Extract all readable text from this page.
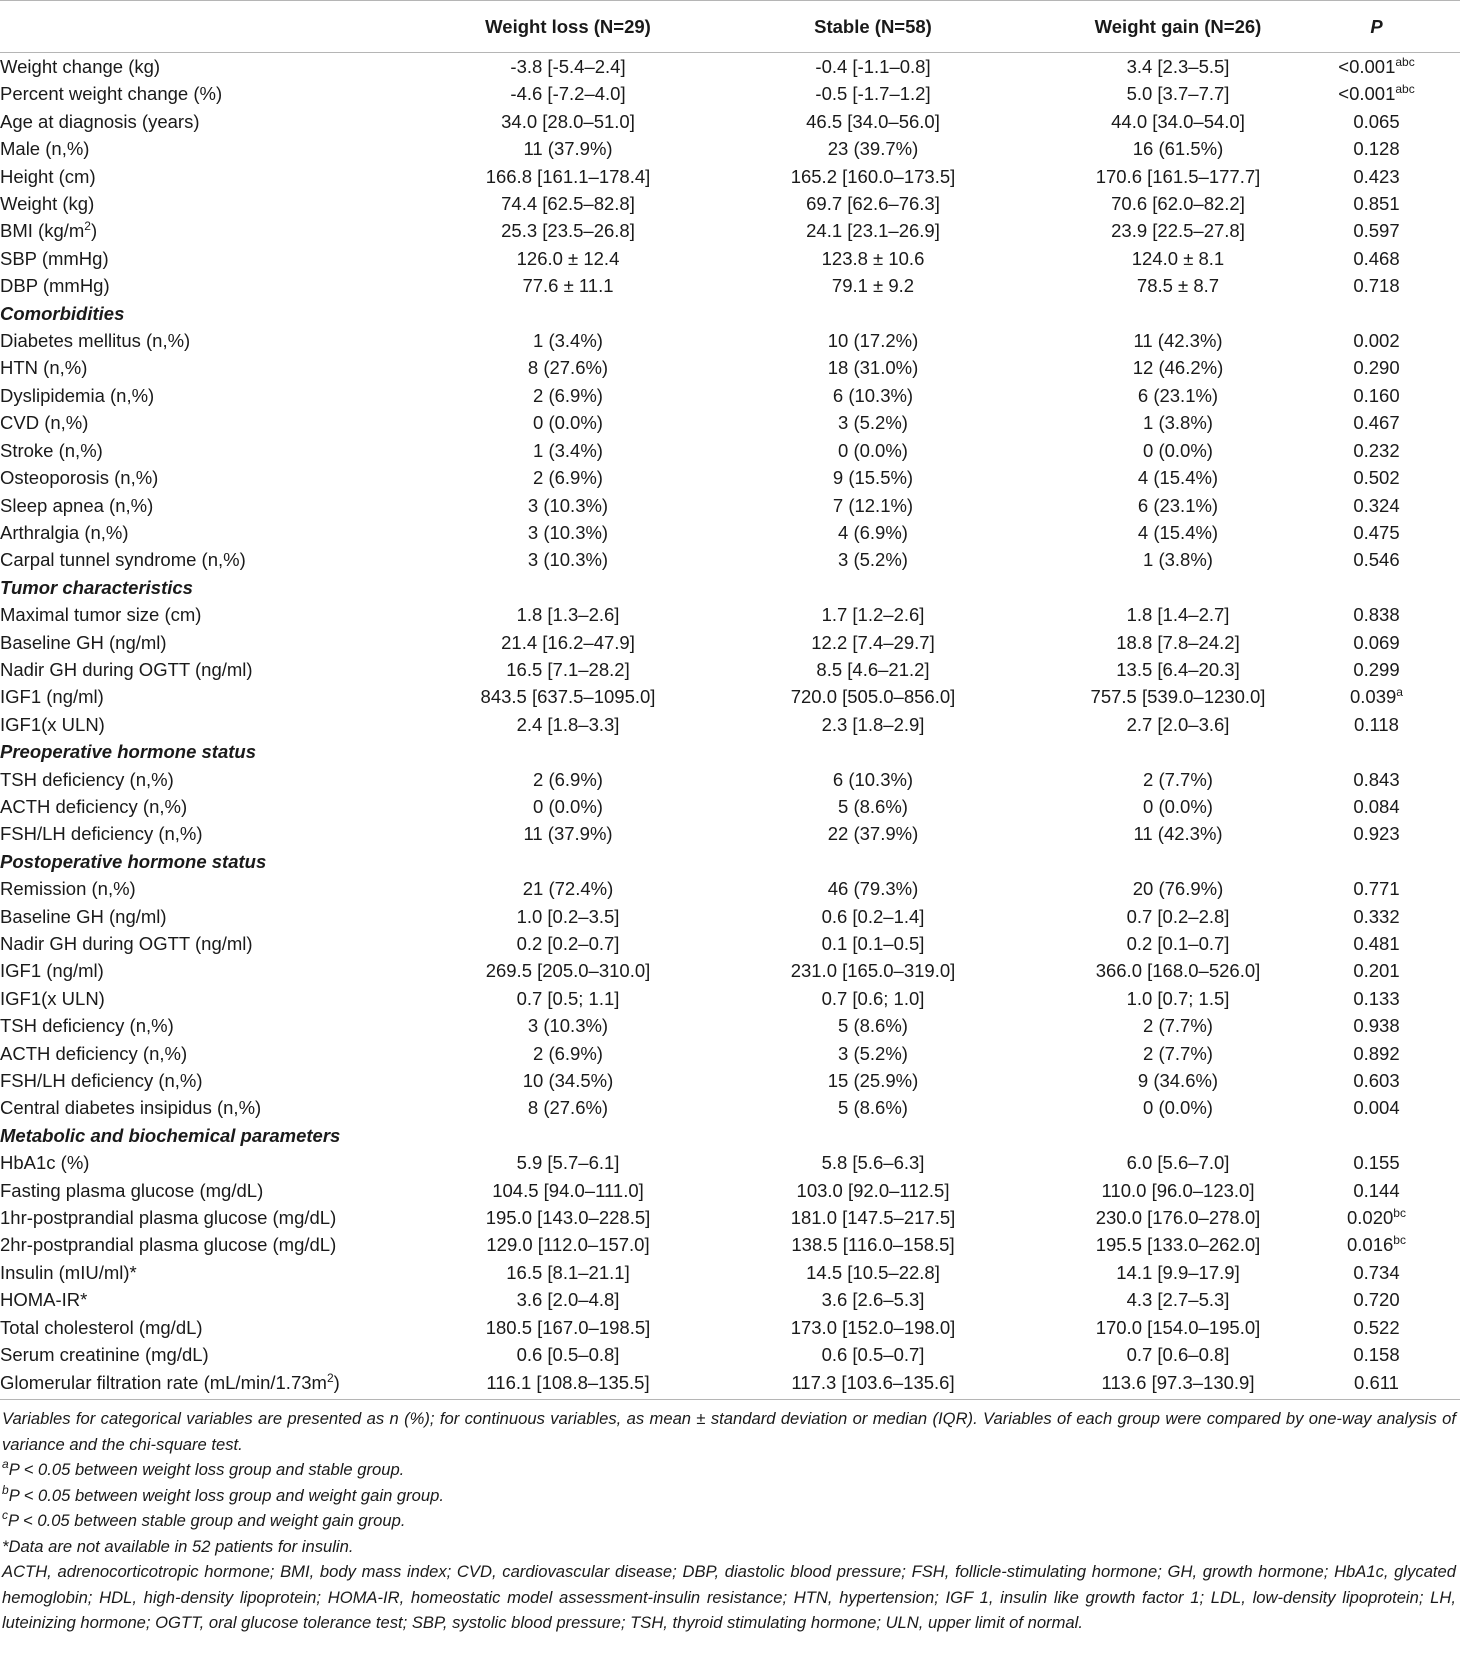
	Weight loss (N=29)	Stable (N=58)	Weight gain (N=26)	P
Weight change (kg)	-3.8 [-5.4–2.4]	-0.4 [-1.1–0.8]	3.4 [2.3–5.5]	<0.001$^{abc}$
Percent weight change (%)	-4.6 [-7.2–4.0]	-0.5 [-1.7–1.2]	5.0 [3.7–7.7]	<0.001$^{abc}$
Age at diagnosis (years)	34.0 [28.0–51.0]	46.5 [34.0–56.0]	44.0 [34.0–54.0]	0.065
Male (n,%)	11 (37.9%)	23 (39.7%)	16 (61.5%)	0.128
Height (cm)	166.8 [161.1–178.4]	165.2 [160.0–173.5]	170.6 [161.5–177.7]	0.423
Weight (kg)	74.4 [62.5–82.8]	69.7 [62.6–76.3]	70.6 [62.0–82.2]	0.851
BMI $(kg/m^2)$	25.3 [23.5–26.8]	24.1 [23.1–26.9]	23.9 [22.5–27.8]	0.597
SBP (mmHg)	126.0 ± 12.4	123.8 ± 10.6	124.0 ± 8.1	0.468
DBP (mmHg)	77.6 ± 11.1	79.1 ± 9.2	78.5 ± 8.7	0.718
Comorbidities				
Diabetes mellitus (n,%)	1 (3.4%)	10 (17.2%)	11 (42.3%)	0.002
HTN (n,%)	8 (27.6%)	18 (31.0%)	12 (46.2%)	0.290
Dyslipidemia (n,%)	2 (6.9%)	6 (10.3%)	6 (23.1%)	0.160
CVD (n,%)	0 (0.0%)	3 (5.2%)	1 (3.8%)	0.467
Stroke (n,%)	1 (3.4%)	0 (0.0%)	0 (0.0%)	0.232
Osteoporosis (n,%)	2 (6.9%)	9 (15.5%)	4 (15.4%)	0.502
Sleep apnea (n,%)	3 (10.3%)	7 (12.1%)	6 (23.1%)	0.324
Arthralgia (n,%)	3 (10.3%)	4 (6.9%)	4 (15.4%)	0.475
Carpal tunnel syndrome (n,%)	3 (10.3%)	3 (5.2%)	1 (3.8%)	0.546
Tumor characteristics				
Maximal tumor size (cm)	1.8 [1.3–2.6]	1.7 [1.2–2.6]	1.8 [1.4–2.7]	0.838
Baseline GH (ng/ml)	21.4 [16.2–47.9]	12.2 [7.4–29.7]	18.8 [7.8–24.2]	0.069
Nadir GH during OGTT (ng/ml)	16.5 [7.1–28.2]	8.5 [4.6–21.2]	13.5 [6.4–20.3]	0.299
IGF1 (ng/ml)	843.5 [637.5–1095.0]	720.0 [505.0–856.0]	757.5 [539.0–1230.0]	0.039$^a$
IGF1(x ULN)	2.4 [1.8–3.3]	2.3 [1.8–2.9]	2.7 [2.0–3.6]	0.118
Preoperative hormone status				
TSH deficiency (n,%)	2 (6.9%)	6 (10.3%)	2 (7.7%)	0.843
ACTH deficiency (n,%)	0 (0.0%)	5 (8.6%)	0 (0.0%)	0.084
FSH/LH deficiency (n,%)	11 (37.9%)	22 (37.9%)	11 (42.3%)	0.923
Postoperative hormone status				
Remission (n,%)	21 (72.4%)	46 (79.3%)	20 (76.9%)	0.771
Baseline GH (ng/ml)	1.0 [0.2–3.5]	0.6 [0.2–1.4]	0.7 [0.2–2.8]	0.332
Nadir GH during OGTT (ng/ml)	0.2 [0.2–0.7]	0.1 [0.1–0.5]	0.2 [0.1–0.7]	0.481
IGF1 (ng/ml)	269.5 [205.0–310.0]	231.0 [165.0–319.0]	366.0 [168.0–526.0]	0.201
IGF1(x ULN)	0.7 [0.5; 1.1]	0.7 [0.6; 1.0]	1.0 [0.7; 1.5]	0.133
TSH deficiency (n,%)	3 (10.3%)	5 (8.6%)	2 (7.7%)	0.938
ACTH deficiency (n,%)	2 (6.9%)	3 (5.2%)	2 (7.7%)	0.892
FSH/LH deficiency (n,%)	10 (34.5%)	15 (25.9%)	9 (34.6%)	0.603
Central diabetes insipidus (n,%)	8 (27.6%)	5 (8.6%)	0 (0.0%)	0.004
Metabolic and biochemical parameters				
HbA1c (%)	5.9 [5.7–6.1]	5.8 [5.6–6.3]	6.0 [5.6–7.0]	0.155
Fasting plasma glucose (mg/dL)	104.5 [94.0–111.0]	103.0 [92.0–112.5]	110.0 [96.0–123.0]	0.144
1hr-postprandial plasma glucose (mg/dL)	195.0 [143.0–228.5]	181.0 [147.5–217.5]	230.0 [176.0–278.0]	0.020$^{bc}$
2hr-postprandial plasma glucose (mg/dL)	129.0 [112.0–157.0]	138.5 [116.0–158.5]	195.5 [133.0–262.0]	0.016$^{bc}$
Insulin (mIU/ml)*	16.5 [8.1–21.1]	14.5 [10.5–22.8]	14.1 [9.9–17.9]	0.734
HOMA-IR*	3.6 [2.0–4.8]	3.6 [2.6–5.3]	4.3 [2.7–5.3]	0.720
Total cholesterol (mg/dL)	180.5 [167.0–198.5]	173.0 [152.0–198.0]	170.0 [154.0–195.0]	0.522
Serum creatinine (mg/dL)	0.6 [0.5–0.8]	0.6 [0.5–0.7]	0.7 [0.6–0.8]	0.158
Glomerular filtration rate $(mL/\min/1.73m^2)$	116.1 [108.8–135.5]	117.3 [103.6–135.6]	113.6 [97.3–130.9]	0.611

Variables for categorical variables are presented as n (%); for continuous variables, as mean ± standard deviation or median (IQR). Variables of each group were compared by one-way analysis of variance and the chi-square test.

$^a$P < 0.05 between weight loss group and stable group.

$^b$P < 0.05 between weight loss group and weight gain group.

$^c$P < 0.05 between stable group and weight gain group.

*Data are not available in 52 patients for insulin.

ACTH, adrenocorticotropic hormone; BMI, body mass index; CVD, cardiovascular disease; DBP, diastolic blood pressure; FSH, follicle-stimulating hormone; GH, growth hormone; HbA1c, glycated hemoglobin; HDL, high-density lipoprotein; HOMA-IR, homeostatic model assessment-insulin resistance; HTN, hypertension; IGF 1, insulin like growth factor 1; LDL, low-density lipoprotein; LH, luteinizing hormone; OGTT, oral glucose tolerance test; SBP, systolic blood pressure; TSH, thyroid stimulating hormone; ULN, upper limit of normal.
